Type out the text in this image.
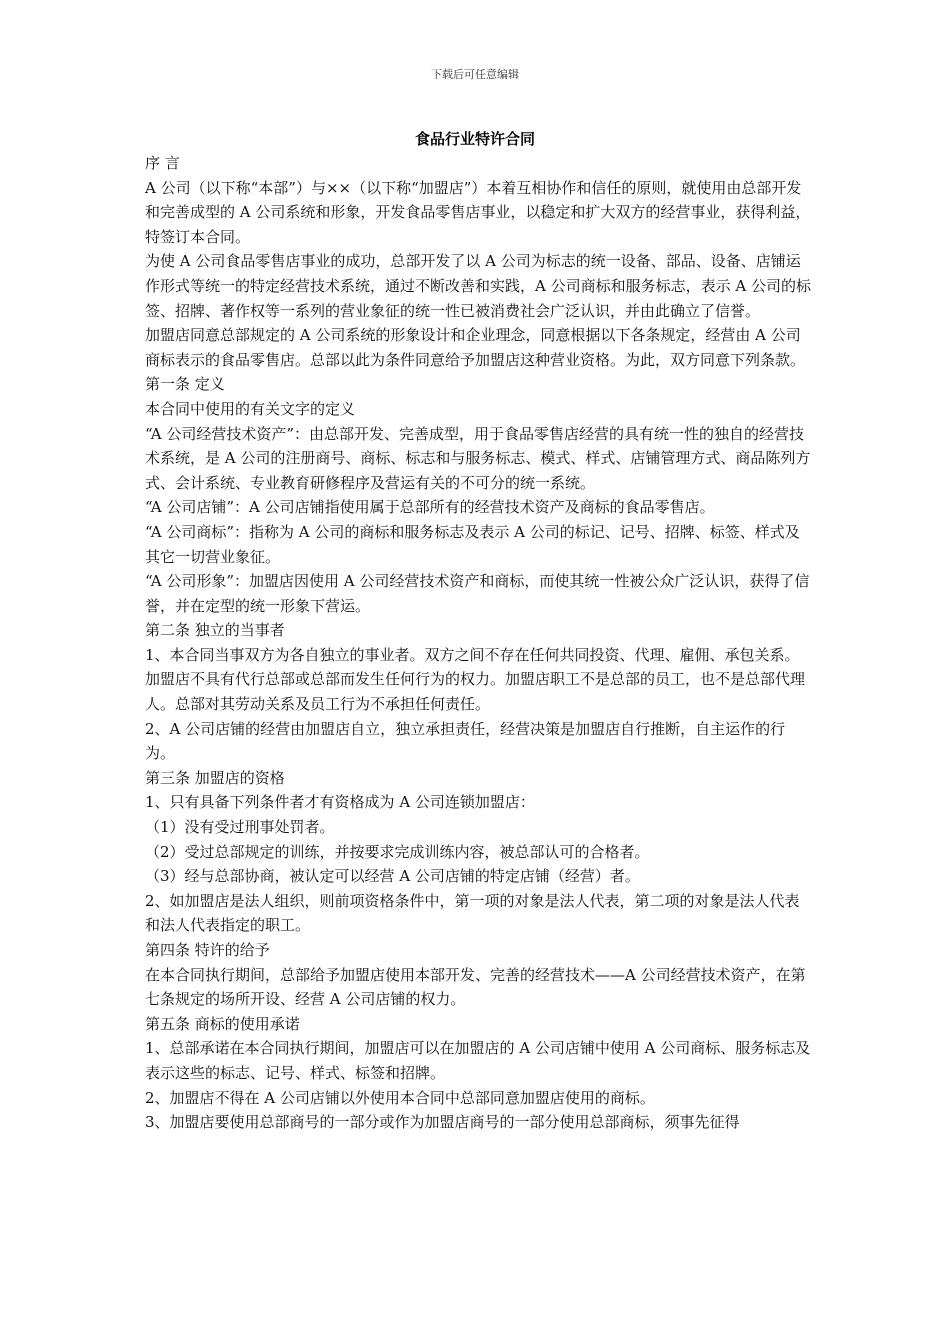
下载后可任意编辑
食品行业特许合同

序 言

A 公司（以下称“本部”）与××（以下称“加盟店”）本着互相协作和信任的原则，就使用由总部开发和完善成型的 A 公司系统和形象，开发食品零售店事业，以稳定和扩大双方的经营事业，获得利益，特签订本合同。

为使 A 公司食品零售店事业的成功，总部开发了以 A 公司为标志的统一设备、部品、设备、店铺运作形式等统一的特定经营技术系统，通过不断改善和实践，A 公司商标和服务标志，表示 A 公司的标签、招牌、著作权等一系列的营业象征的统一性已被消费社会广泛认识，并由此确立了信誉。

加盟店同意总部规定的 A 公司系统的形象设计和企业理念，同意根据以下各条规定，经营由 A 公司商标表示的食品零售店。总部以此为条件同意给予加盟店这种营业资格。为此，双方同意下列条款。

第一条 定义

本合同中使用的有关文字的定义

“A 公司经营技术资产”：由总部开发、完善成型，用于食品零售店经营的具有统一性的独自的经营技术系统，是 A 公司的注册商号、商标、标志和与服务标志、模式、样式、店铺管理方式、商品陈列方式、会计系统、专业教育研修程序及营运有关的不可分的统一系统。

“A 公司店铺”：A 公司店铺指使用属于总部所有的经营技术资产及商标的食品零售店。

“A 公司商标”：指称为 A 公司的商标和服务标志及表示 A 公司的标记、记号、招牌、标签、样式及其它一切营业象征。

“A 公司形象”：加盟店因使用 A 公司经营技术资产和商标，而使其统一性被公众广泛认识，获得了信誉，并在定型的统一形象下营运。

第二条 独立的当事者

1、本合同当事双方为各自独立的事业者。双方之间不存在任何共同投资、代理、雇佣、承包关系。加盟店不具有代行总部或总部而发生任何行为的权力。加盟店职工不是总部的员工，也不是总部代理人。总部对其劳动关系及员工行为不承担任何责任。

2、A 公司店铺的经营由加盟店自立，独立承担责任，经营决策是加盟店自行推断，自主运作的行为。

第三条 加盟店的资格

1、只有具备下列条件者才有资格成为 A 公司连锁加盟店：

（1）没有受过刑事处罚者。

（2）受过总部规定的训练，并按要求完成训练内容，被总部认可的合格者。

（3）经与总部协商，被认定可以经营 A 公司店铺的特定店铺（经营）者。

2、如加盟店是法人组织，则前项资格条件中，第一项的对象是法人代表，第二项的对象是法人代表和法人代表指定的职工。

第四条 特许的给予

在本合同执行期间，总部给予加盟店使用本部开发、完善的经营技术——A 公司经营技术资产，在第七条规定的场所开设、经营 A 公司店铺的权力。

第五条 商标的使用承诺

1、总部承诺在本合同执行期间，加盟店可以在加盟店的 A 公司店铺中使用 A 公司商标、服务标志及表示这些的标志、记号、样式、标签和招牌。

2、加盟店不得在 A 公司店铺以外使用本合同中总部同意加盟店使用的商标。

3、加盟店要使用总部商号的一部分或作为加盟店商号的一部分使用总部商标，须事先征得
